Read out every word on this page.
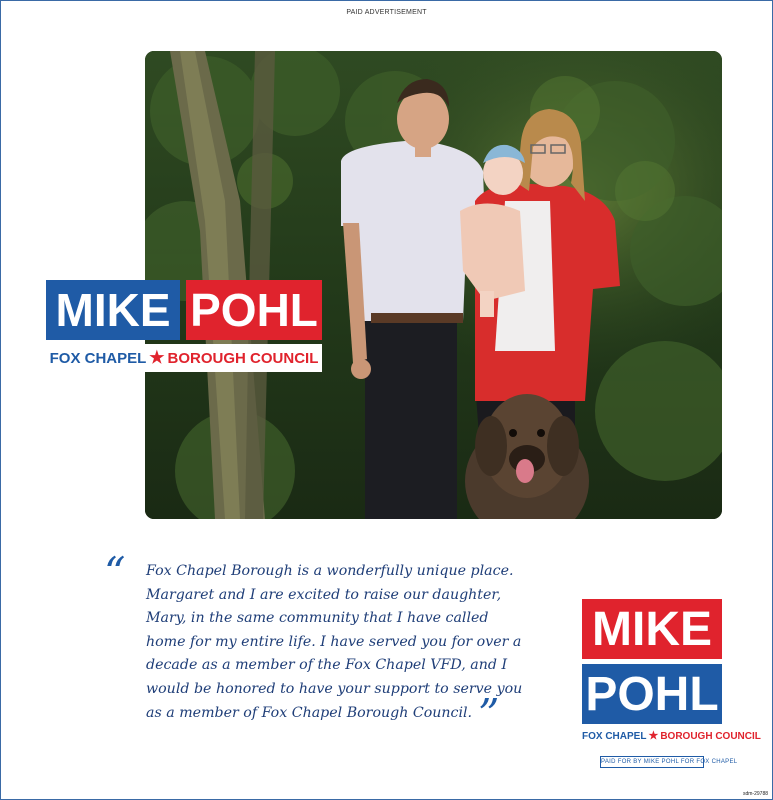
PAID ADVERTISEMENT
MIKE POHL
FOX CHAPEL ★ BOROUGH COUNCIL
“ Fox Chapel Borough is a wonderfully unique place.
Margaret and I are excited to raise our daughter,
Mary, in the same community that I have called
home for my entire life. I have served you for over a
decade as a member of the Fox Chapel VFD, and I
would be honored to have your support to serve you
as a member of Fox Chapel Borough Council. ”
MIKE
POHL
FOX CHAPEL ★ BOROUGH COUNCIL
PAID FOR BY MIKE POHL FOR FOX CHAPEL
sdm-29788
